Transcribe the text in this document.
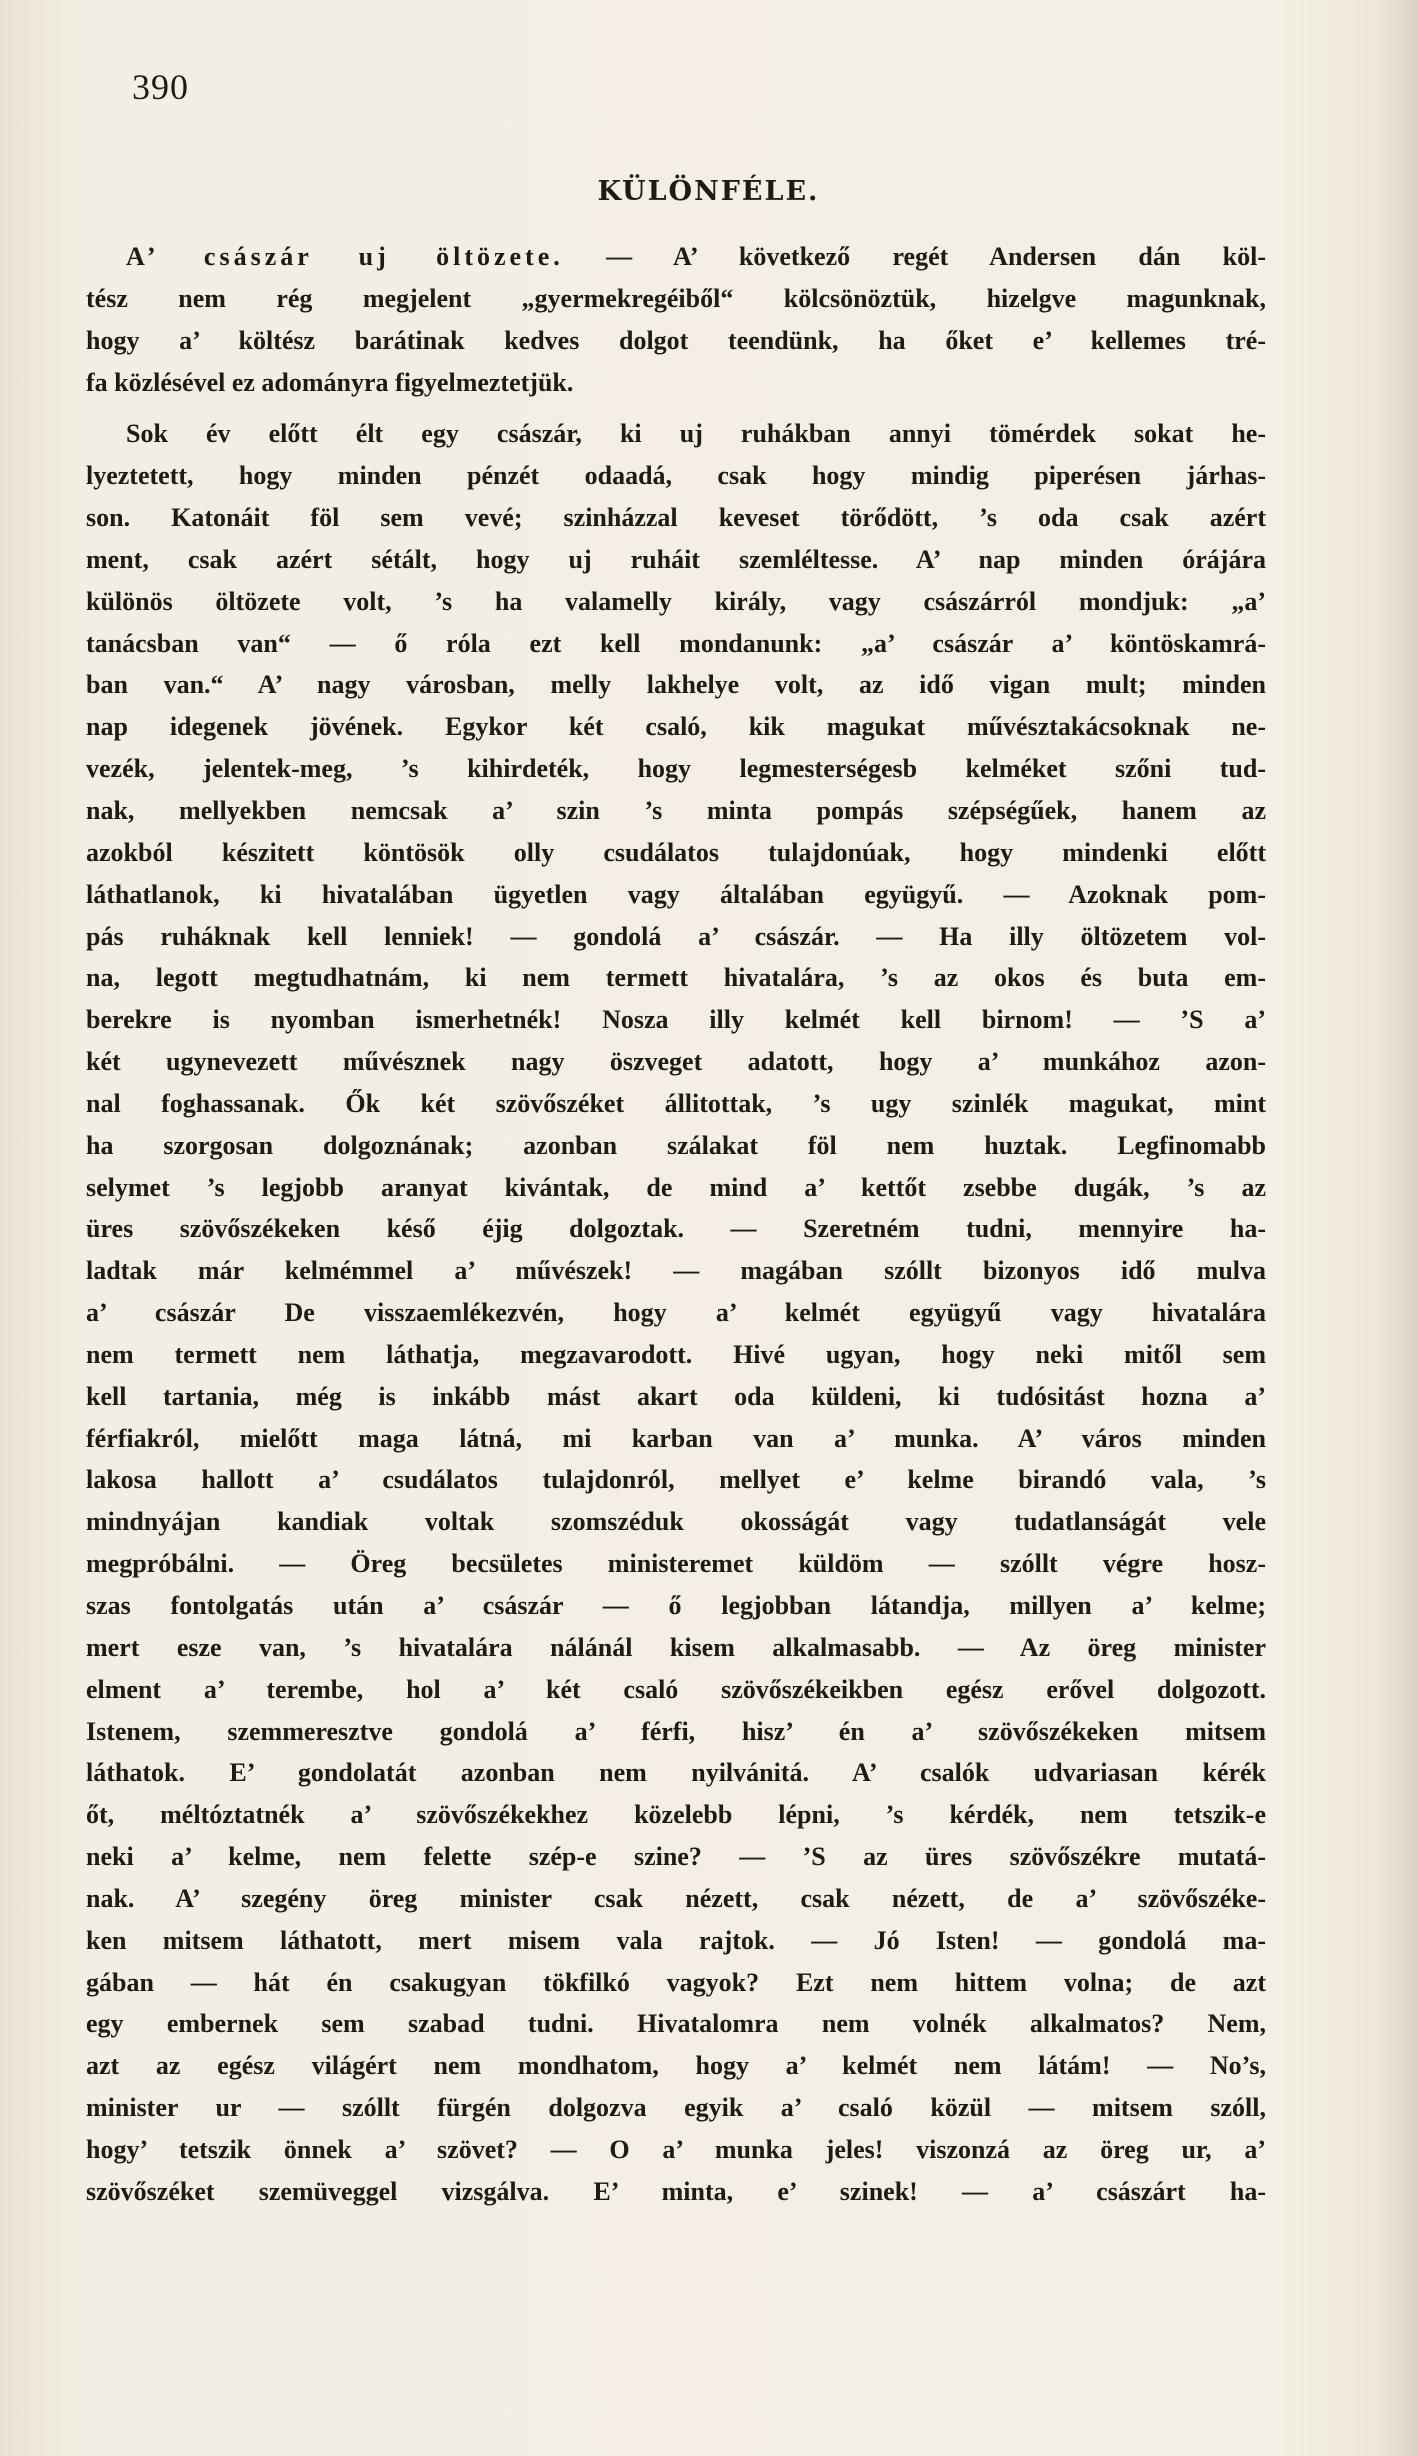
390
KÜLÖNFÉLE.
A’ császár uj öltözete. — A’ következő regét Andersen dán köl-
tész nem rég megjelent „gyermekregéiből“ kölcsönöztük, hizelgve magunknak,
hogy a’ költész barátinak kedves dolgot teendünk, ha őket e’ kellemes tré-
fa közlésével ez adományra figyelmeztetjük.
Sok év előtt élt egy császár, ki uj ruhákban annyi tömérdek sokat he-
lyeztetett, hogy minden pénzét odaadá, csak hogy mindig piperésen járhas-
son. Katonáit föl sem vevé; szinházzal keveset törődött, ’s oda csak azért
ment, csak azért sétált, hogy uj ruháit szemléltesse. A’ nap minden órájára
különös öltözete volt, ’s ha valamelly király, vagy császárról mondjuk: „a’
tanácsban van“ — ő róla ezt kell mondanunk: „a’ császár a’ köntöskamrá-
ban van.“ A’ nagy városban, melly lakhelye volt, az idő vigan mult; minden
nap idegenek jövének. Egykor két csaló, kik magukat művésztakácsoknak ne-
vezék, jelentek-meg, ’s kihirdeték, hogy legmesterségesb kelméket szőni tud-
nak, mellyekben nemcsak a’ szin ’s minta pompás szépségűek, hanem az
azokból készitett köntösök olly csudálatos tulajdonúak, hogy mindenki előtt
láthatlanok, ki hivatalában ügyetlen vagy általában együgyű. — Azoknak pom-
pás ruháknak kell lenniek! — gondolá a’ császár. — Ha illy öltözetem vol-
na, legott megtudhatnám, ki nem termett hivatalára, ’s az okos és buta em-
berekre is nyomban ismerhetnék! Nosza illy kelmét kell birnom! — ’S a’
két ugynevezett művésznek nagy öszveget adatott, hogy a’ munkához azon-
nal foghassanak. Ők két szövőszéket állitottak, ’s ugy szinlék magukat, mint
ha szorgosan dolgoznának; azonban szálakat föl nem huztak. Legfinomabb
selymet ’s legjobb aranyat kivántak, de mind a’ kettőt zsebbe dugák, ’s az
üres szövőszékeken késő éjig dolgoztak. — Szeretném tudni, mennyire ha-
ladtak már kelmémmel a’ művészek! — magában szóllt bizonyos idő mulva
a’ császár De visszaemlékezvén, hogy a’ kelmét együgyű vagy hivatalára
nem termett nem láthatja, megzavarodott. Hivé ugyan, hogy neki mitől sem
kell tartania, még is inkább mást akart oda küldeni, ki tudósitást hozna a’
férfiakról, mielőtt maga látná, mi karban van a’ munka. A’ város minden
lakosa hallott a’ csudálatos tulajdonról, mellyet e’ kelme birandó vala, ’s
mindnyájan kandiak voltak szomszéduk okosságát vagy tudatlanságát vele
megpróbálni. — Öreg becsületes ministeremet küldöm — szóllt végre hosz-
szas fontolgatás után a’ császár — ő legjobban látandja, millyen a’ kelme;
mert esze van, ’s hivatalára nálánál kisem alkalmasabb. — Az öreg minister
elment a’ terembe, hol a’ két csaló szövőszékeikben egész erővel dolgozott.
Istenem, szemmeresztve gondolá a’ férfi, hisz’ én a’ szövőszékeken mitsem
láthatok. E’ gondolatát azonban nem nyilvánitá. A’ csalók udvariasan kérék
őt, méltóztatnék a’ szövőszékekhez közelebb lépni, ’s kérdék, nem tetszik-e
neki a’ kelme, nem felette szép-e szine? — ’S az üres szövőszékre mutatá-
nak. A’ szegény öreg minister csak nézett, csak nézett, de a’ szövőszéke-
ken mitsem láthatott, mert misem vala rajtok. — Jó Isten! — gondolá ma-
gában — hát én csakugyan tökfilkó vagyok? Ezt nem hittem volna; de azt
egy embernek sem szabad tudni. Hivatalomra nem volnék alkalmatos? Nem,
azt az egész világért nem mondhatom, hogy a’ kelmét nem látám! — No’s,
minister ur — szóllt fürgén dolgozva egyik a’ csaló közül — mitsem szóll,
hogy’ tetszik önnek a’ szövet? — O a’ munka jeles! viszonzá az öreg ur, a’
szövőszéket szemüveggel vizsgálva. E’ minta, e’ szinek! — a’ császárt ha-
